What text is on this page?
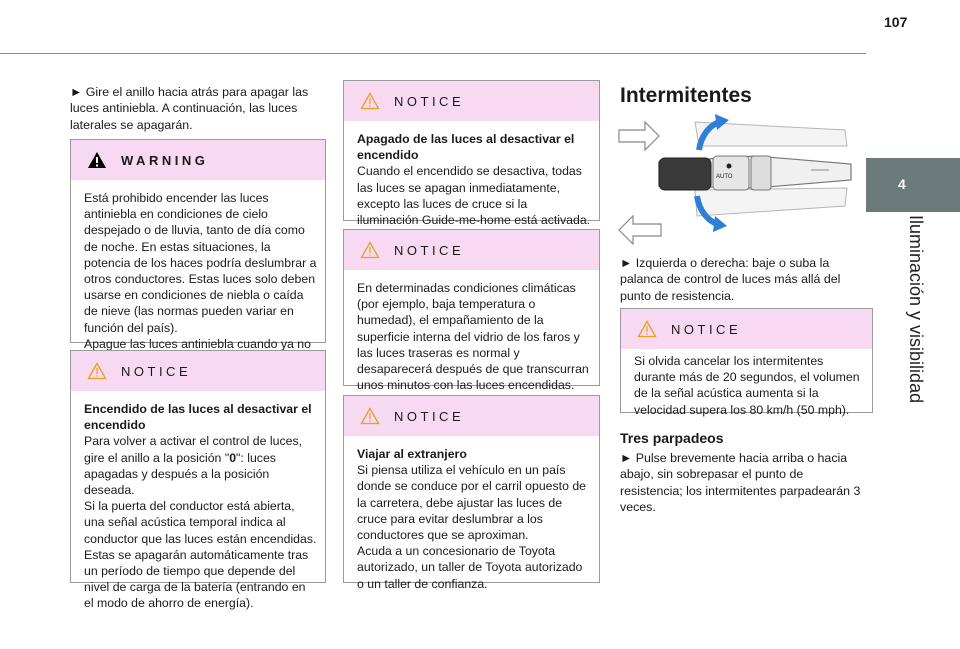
107
4
Iluminación y visibilidad

► Gire el anillo hacia atrás para apagar las luces antiniebla. A continuación, las luces laterales se apagarán.

WARNING

Está prohibido encender las luces antiniebla en condiciones de cielo despejado o de lluvia, tanto de día como de noche. En estas situaciones, la potencia de los haces podría deslumbrar a otros conductores. Estas luces solo deben usarse en condiciones de niebla o caída de nieve (las normas pueden variar en función del país).

Apague las luces antiniebla cuando ya no

NOTICE

Encendido de las luces al desactivar el encendido

Para volver a activar el control de luces, gire el anillo a la posición "0": luces apagadas y después a la posición deseada.

Si la puerta del conductor está abierta, una señal acústica temporal indica al conductor que las luces están encendidas.

Estas se apagarán automáticamente tras un período de tiempo que depende del nivel de carga de la batería (entrando en el modo de ahorro de energía).

NOTICE

Apagado de las luces al desactivar el encendido

Cuando el encendido se desactiva, todas las luces se apagan inmediatamente, excepto las luces de cruce si la iluminación Guide-me-home está activada.

NOTICE

En determinadas condiciones climáticas (por ejemplo, baja temperatura o humedad), el empañamiento de la superficie interna del vidrio de los faros y las luces traseras es normal y desaparecerá después de que transcurran unos minutos con las luces encendidas.

NOTICE

Viajar al extranjero

Si piensa utiliza el vehículo en un país donde se conduce por el carril opuesto de la carretera, debe ajustar las luces de cruce para evitar deslumbrar a los conductores que se aproximan.

Acuda a un concesionario de Toyota autorizado, un taller de Toyota autorizado o un taller de confianza.

Intermitentes
AUTO

► Izquierda o derecha: baje o suba la palanca de control de luces más allá del punto de resistencia.

NOTICE

Si olvida cancelar los intermitentes durante más de 20 segundos, el volumen de la señal acústica aumenta si la velocidad supera los 80 km/h (50 mph).

Tres parpadeos

► Pulse brevemente hacia arriba o hacia abajo, sin sobrepasar el punto de resistencia; los intermitentes parpadearán 3 veces.
